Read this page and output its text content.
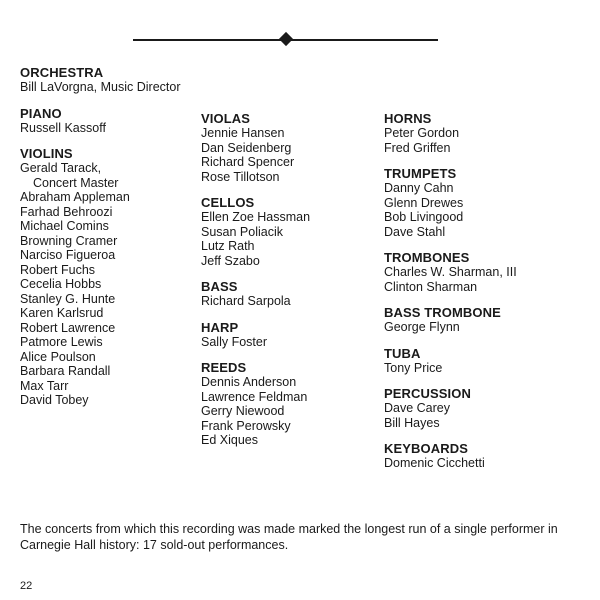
ORCHESTRA

Bill LaVorgna, Music Director

PIANO

Russell Kassoff

VIOLINS

Gerald Tarack,

Concert Master

Abraham Appleman

Farhad Behroozi

Michael Comins

Browning Cramer

Narciso Figueroa

Robert Fuchs

Cecelia Hobbs

Stanley G. Hunte

Karen Karlsrud

Robert Lawrence

Patmore Lewis

Alice Poulson

Barbara Randall

Max Tarr

David Tobey

VIOLAS

Jennie Hansen

Dan Seidenberg

Richard Spencer

Rose Tillotson

CELLOS

Ellen Zoe Hassman

Susan Poliacik

Lutz Rath

Jeff Szabo

BASS

Richard Sarpola

HARP

Sally Foster

REEDS

Dennis Anderson

Lawrence Feldman

Gerry Niewood

Frank Perowsky

Ed Xiques

HORNS

Peter Gordon

Fred Griffen

TRUMPETS

Danny Cahn

Glenn Drewes

Bob Livingood

Dave Stahl

TROMBONES

Charles W. Sharman, III

Clinton Sharman

BASS TROMBONE

George Flynn

TUBA

Tony Price

PERCUSSION

Dave Carey

Bill Hayes

KEYBOARDS

Domenic Cicchetti

The concerts from which this recording was made marked the longest run of a single performer in Carnegie Hall history: 17 sold-out performances.

22
